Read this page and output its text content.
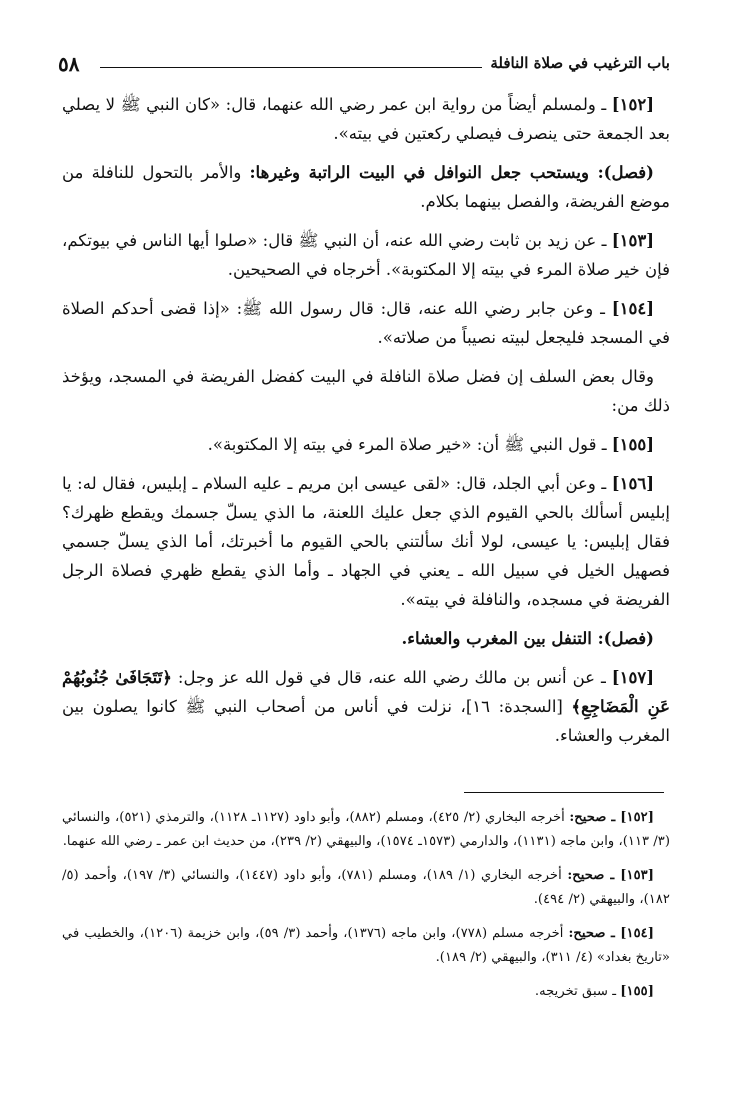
٥٨	باب الترغيب في صلاة النافلة

[١٥٢] ـ ولمسلم أيضاً من رواية ابن عمر رضي الله عنهما، قال: «كان النبي ﷺ لا يصلي بعد الجمعة حتى ينصرف فيصلي ركعتين في بيته».

(فصل): ويستحب جعل النوافل في البيت الراتبة وغيرها: والأمر بالتحول للنافلة من موضع الفريضة، والفصل بينهما بكلام.

[١٥٣] ـ عن زيد بن ثابت رضي الله عنه، أن النبي ﷺ قال: «صلوا أيها الناس في بيوتكم، فإن خير صلاة المرء في بيته إلا المكتوبة». أخرجاه في الصحيحين.

[١٥٤] ـ وعن جابر رضي الله عنه، قال: قال رسول الله ﷺ: «إذا قضى أحدكم الصلاة في المسجد فليجعل لبيته نصيباً من صلاته».

وقال بعض السلف إن فضل صلاة النافلة في البيت كفضل الفريضة في المسجد، ويؤخذ ذلك من:

[١٥٥] ـ قول النبي ﷺ أن: «خير صلاة المرء في بيته إلا المكتوبة».

[١٥٦] ـ وعن أبي الجلد، قال: «لقى عيسى ابن مريم ـ عليه السلام ـ إبليس، فقال له: يا إبليس أسألك بالحي القيوم الذي جعل عليك اللعنة، ما الذي يسلّ جسمك ويقطع ظهرك؟ فقال إبليس: يا عيسى، لولا أنك سألتني بالحي القيوم ما أخبرتك، أما الذي يسلّ جسمي فصهيل الخيل في سبيل الله ـ يعني في الجهاد ـ وأما الذي يقطع ظهري فصلاة الرجل الفريضة في مسجده، والنافلة في بيته».

(فصل): التنفل بين المغرب والعشاء.

[١٥٧] ـ عن أنس بن مالك رضي الله عنه، قال في قول الله عز وجل: ﴿تَتَجَافَىٰ جُنُوبُهُمْ عَنِ الْمَضَاجِعِ﴾ [السجدة: ١٦]، نزلت في أناس من أصحاب النبي ﷺ كانوا يصلون بين المغرب والعشاء.

[١٥٢] ـ صحيح: أخرجه البخاري (٢/ ٤٢٥)، ومسلم (٨٨٢)، وأبو داود (١١٢٧ـ ١١٢٨)، والترمذي (٥٢١)، والنسائي (٣/ ١١٣)، وابن ماجه (١١٣١)، والدارمي (١٥٧٣ـ ١٥٧٤)، والبيهقي (٢/ ٢٣٩)، من حديث ابن عمر ـ رضي الله عنهما.

[١٥٣] ـ صحيح: أخرجه البخاري (١/ ١٨٩)، ومسلم (٧٨١)، وأبو داود (١٤٤٧)، والنسائي (٣/ ١٩٧)، وأحمد (٥/ ١٨٢)، والبيهقي (٢/ ٤٩٤).

[١٥٤] ـ صحيح: أخرجه مسلم (٧٧٨)، وابن ماجه (١٣٧٦)، وأحمد (٣/ ٥٩)، وابن خزيمة (١٢٠٦)، والخطيب في «تاريخ بغداد» (٤/ ٣١١)، والبيهقي (٢/ ١٨٩).

[١٥٥] ـ سبق تخريجه.
